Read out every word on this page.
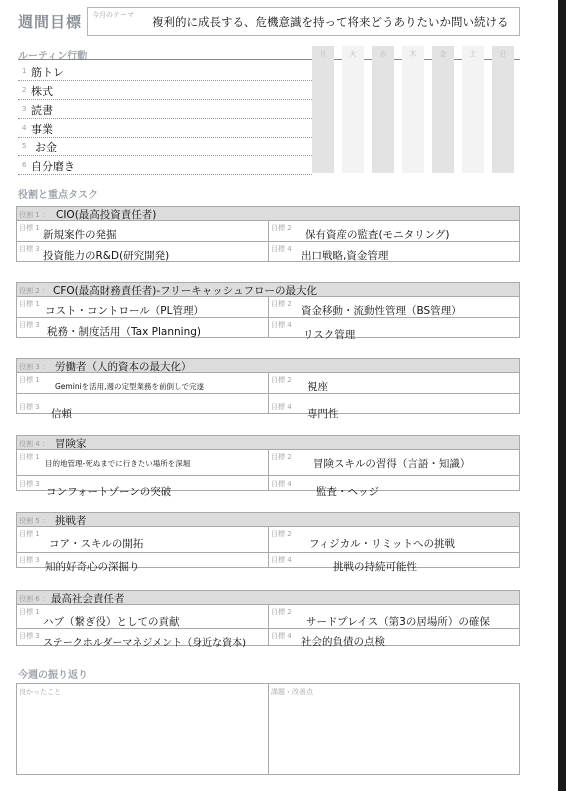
週間目標 今月のテーマ 複利的に成長する、危機意識を持って将来どうありたいか問い続ける
ルーティン行動	月	火	水	木	金	土	日
1 筋トレ
2 株式
3 読書
4 事業
5 お金
6 自分磨き
役割と重点タスク
役割 1 ： CIO(最高投資責任者)
目標 1
新規案件の発掘
目標 2
保有資産の監査(モニタリング)
目標 3
投資能力のR&D(研究開発)
目標 4
出口戦略,資金管理
役割 2 ： CFO(最高財務責任者)-フリーキャッシュフローの最大化
目標 1
コスト・コントロール（PL管理）
目標 2
資金移動・流動性管理（BS管理）
目標 3
税務・制度活用（Tax Planning)
目標 4
リスク管理
役割 3 ： 労働者（人的資本の最大化）
目標 1
Geminiを活用,週の定型業務を前倒しで完遂
目標 2
視座
目標 3
信頼
目標 4
専門性
役割 4 ： 冒険家
目標 1
目的地管理-死ぬまでに行きたい場所を深堀
目標 2
冒険スキルの習得（言語・知識）
目標 3
コンフォートゾーンの突破
目標 4
監査・ヘッジ
役割 5 ： 挑戦者
目標 1
コア・スキルの開拓
目標 2
フィジカル・リミットへの挑戦
目標 3
知的好奇心の深掘り
目標 4
挑戦の持続可能性
役割 6 ： 最高社会責任者
目標 1
ハブ（繋ぎ役）としての貢献
目標 2
サードプレイス（第3の居場所）の確保
目標 3
ステークホルダーマネジメント（身近な資本)
目標 4 社会的負債の点検
今週の振り返り
良かったこと	課題・改善点
